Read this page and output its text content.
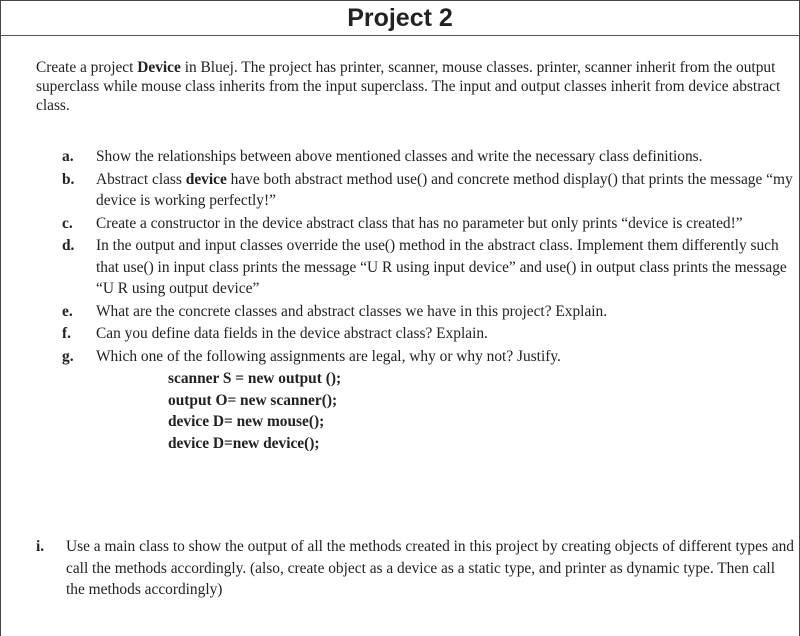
Project 2

Create a project Device in Bluej. The project has printer, scanner, mouse classes. printer, scanner inherit from the output superclass while mouse class inherits from the input superclass. The input and output classes inherit from device abstract class.

a. Show the relationships between above mentioned classes and write the necessary class definitions.
b. Abstract class device have both abstract method use() and concrete method display() that prints the message “my device is working perfectly!”
c. Create a constructor in the device abstract class that has no parameter but only prints “device is created!”
d. In the output and input classes override the use() method in the abstract class. Implement them differently such that use() in input class prints the message “U R using input device” and use() in output class prints the message “U R using output device”
e. What are the concrete classes and abstract classes we have in this project? Explain.
f. Can you define data fields in the device abstract class? Explain.
g. Which one of the following assignments are legal, why or why not? Justify.
scanner S = new output ();
output O= new scanner();
device D= new mouse();
device D=new device();
i. Use a main class to show the output of all the methods created in this project by creating objects of different types and call the methods accordingly. (also, create object as a device as a static type, and printer as dynamic type. Then call the methods accordingly)
